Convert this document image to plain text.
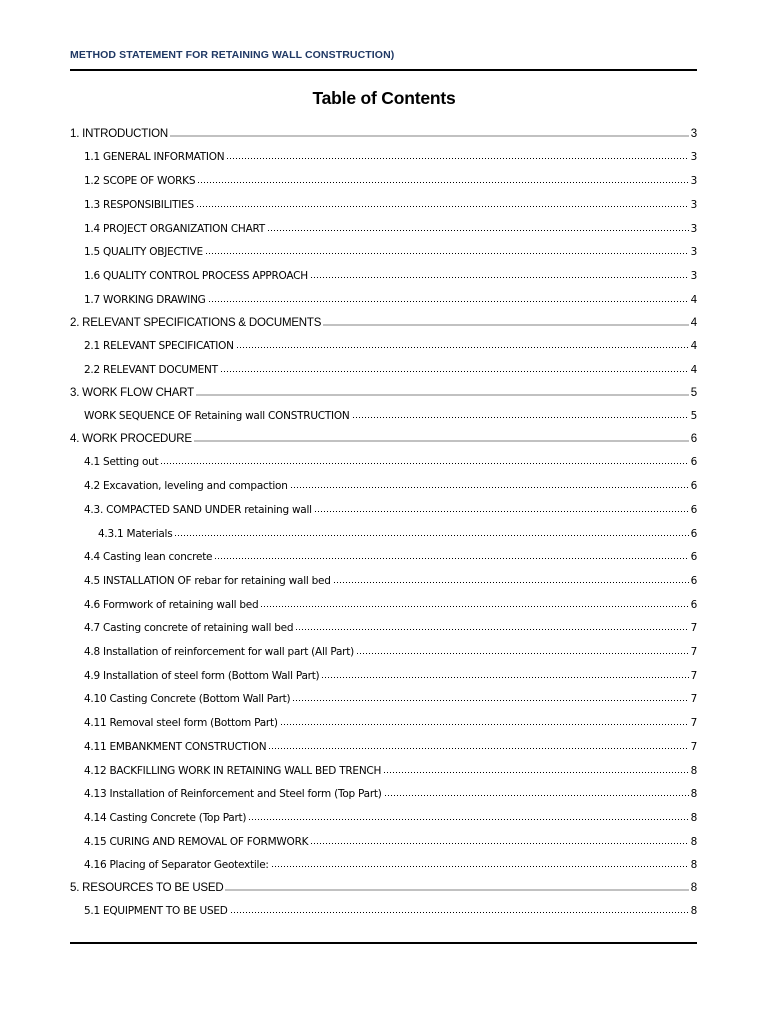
METHOD STATEMENT FOR RETAINING WALL CONSTRUCTION)
Table of Contents
1. INTRODUCTION	3
1.1 GENERAL INFORMATION	3
1.2 SCOPE OF WORKS	3
1.3 RESPONSIBILITIES	3
1.4 PROJECT ORGANIZATION CHART	3
1.5 QUALITY OBJECTIVE	3
1.6 QUALITY CONTROL PROCESS APPROACH	3
1.7 WORKING DRAWING	4
2. RELEVANT SPECIFICATIONS & DOCUMENTS	4
2.1 RELEVANT SPECIFICATION	4
2.2 RELEVANT DOCUMENT	4
3. WORK FLOW CHART	5
WORK SEQUENCE OF Retaining wall CONSTRUCTION	5
4. WORK PROCEDURE	6
4.1 Setting out	6
4.2 Excavation, leveling and compaction	6
4.3. COMPACTED SAND UNDER retaining wall	6
4.3.1 Materials	6
4.4 Casting lean concrete	6
4.5 INSTALLATION OF rebar for retaining wall bed	6
4.6 Formwork of retaining wall bed	6
4.7 Casting concrete of retaining wall bed	7
4.8 Installation of reinforcement for wall part (All Part)	7
4.9 Installation of steel form (Bottom Wall Part)	7
4.10 Casting Concrete (Bottom Wall Part)	7
4.11 Removal steel form (Bottom Part)	7
4.11 EMBANKMENT CONSTRUCTION	7
4.12 BACKFILLING WORK IN RETAINING WALL BED TRENCH	8
4.13 Installation of Reinforcement and Steel form (Top Part)	8
4.14 Casting Concrete (Top Part)	8
4.15 CURING AND REMOVAL OF FORMWORK	8
4.16 Placing of Separator Geotextile:	8
5. RESOURCES TO BE USED	8
5.1 EQUIPMENT TO BE USED	8
